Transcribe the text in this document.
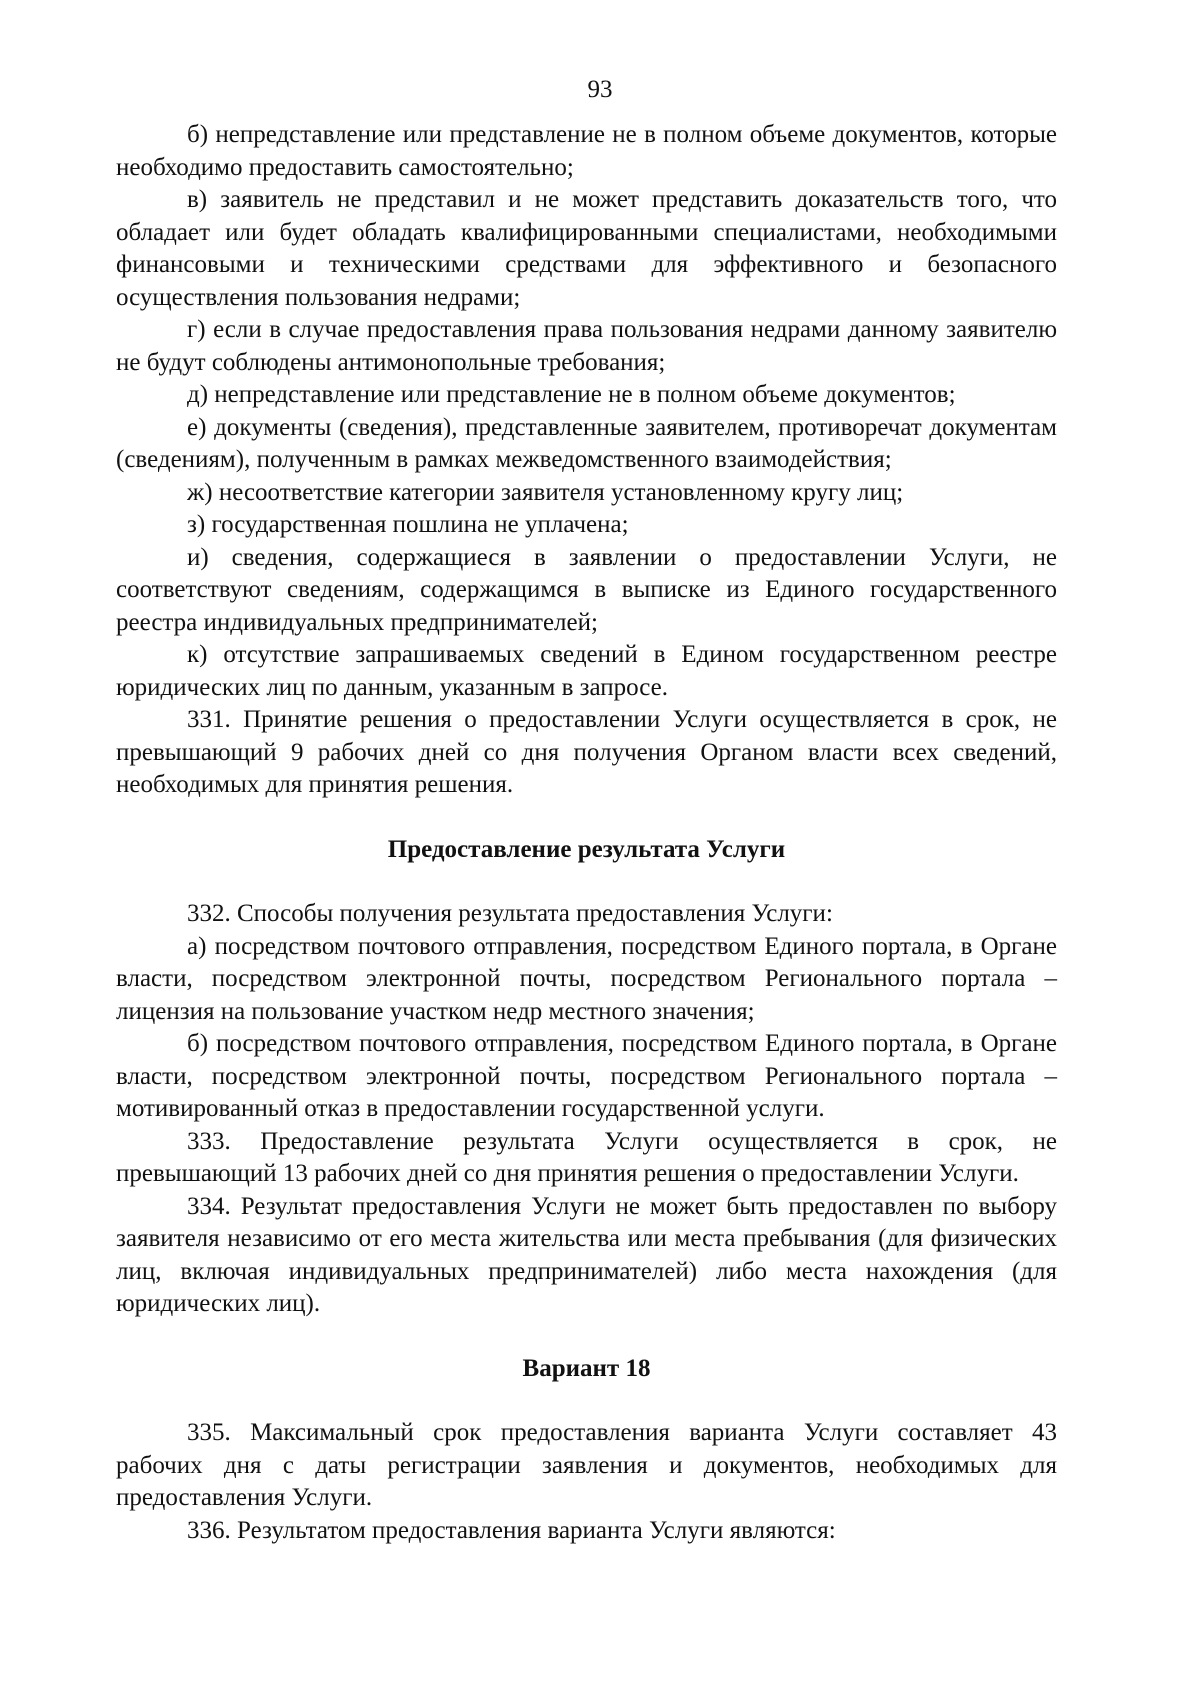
93

б) непредставление или представление не в полном объеме документов, которые необходимо предоставить самостоятельно;

в) заявитель не представил и не может представить доказательств того, что обладает или будет обладать квалифицированными специалистами, необходимыми финансовыми и техническими средствами для эффективного и безопасного осуществления пользования недрами;

г) если в случае предоставления права пользования недрами данному заявителю не будут соблюдены антимонопольные требования;

д) непредставление или представление не в полном объеме документов;

е) документы (сведения), представленные заявителем, противоречат документам (сведениям), полученным в рамках межведомственного взаимодействия;

ж) несоответствие категории заявителя установленному кругу лиц;

з) государственная пошлина не уплачена;

и) сведения, содержащиеся в заявлении о предоставлении Услуги, не соответствуют сведениям, содержащимся в выписке из Единого государственного реестра индивидуальных предпринимателей;

к) отсутствие запрашиваемых сведений в Едином государственном реестре юридических лиц по данным, указанным в запросе.

331. Принятие решения о предоставлении Услуги осуществляется в срок, не превышающий 9 рабочих дней со дня получения Органом власти всех сведений, необходимых для принятия решения.

Предоставление результата Услуги

332. Способы получения результата предоставления Услуги:

а) посредством почтового отправления, посредством Единого портала, в Органе власти, посредством электронной почты, посредством Регионального портала – лицензия на пользование участком недр местного значения;

б) посредством почтового отправления, посредством Единого портала, в Органе власти, посредством электронной почты, посредством Регионального портала – мотивированный отказ в предоставлении государственной услуги.

333. Предоставление результата Услуги осуществляется в срок, не превышающий 13 рабочих дней со дня принятия решения о предоставлении Услуги.

334. Результат предоставления Услуги не может быть предоставлен по выбору заявителя независимо от его места жительства или места пребывания (для физических лиц, включая индивидуальных предпринимателей) либо места нахождения (для юридических лиц).

Вариант 18

335. Максимальный срок предоставления варианта Услуги составляет 43 рабочих дня с даты регистрации заявления и документов, необходимых для предоставления Услуги.

336. Результатом предоставления варианта Услуги являются:
